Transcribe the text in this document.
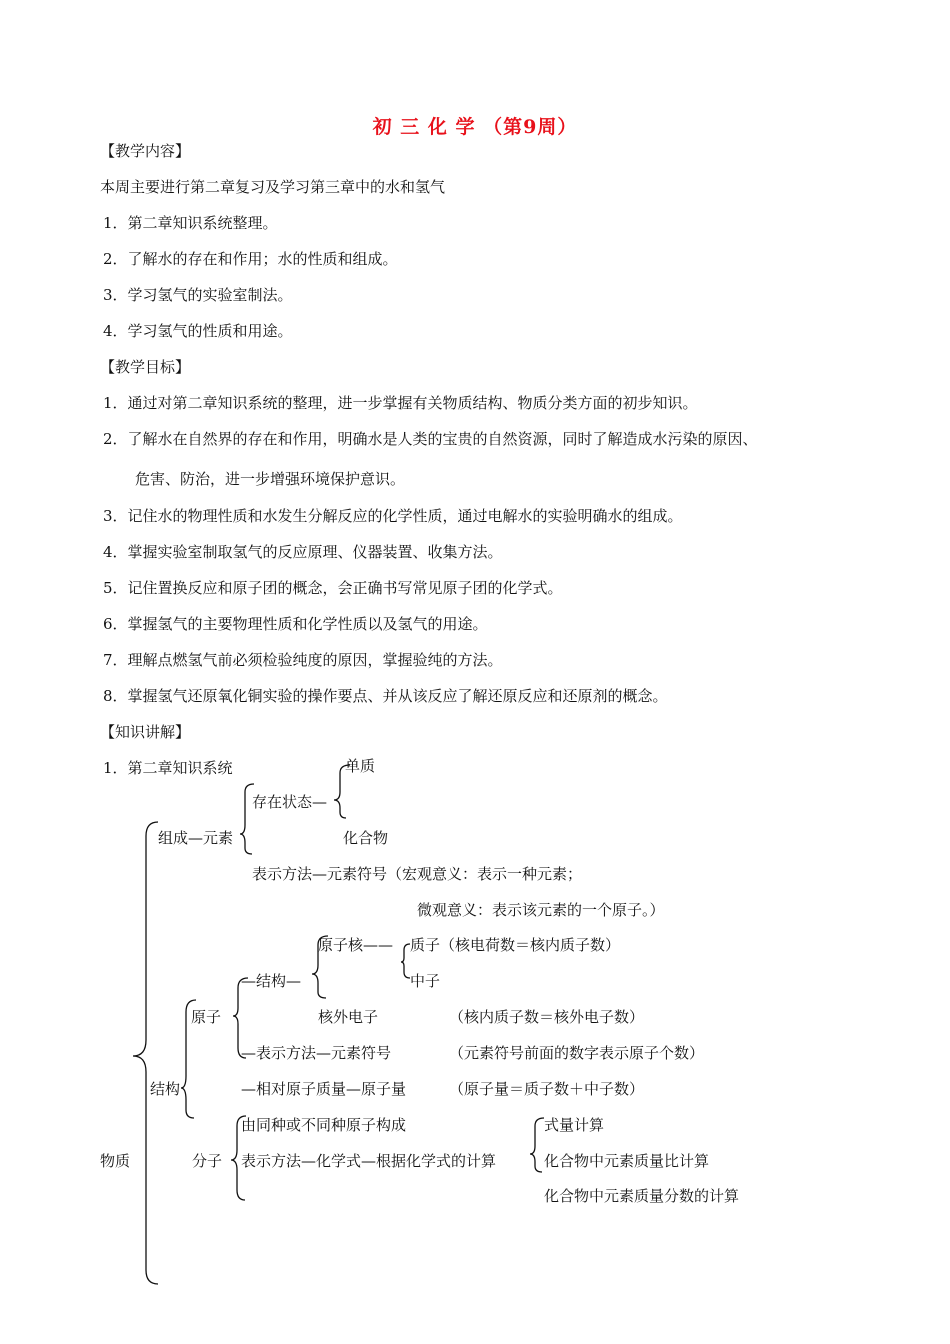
初 三 化 学 （第9周）
【教学内容】
本周主要进行第二章复习及学习第三章中的水和氢气
1．第二章知识系统整理。
2．了解水的存在和作用；水的性质和组成。
3．学习氢气的实验室制法。
4．学习氢气的性质和用途。
【教学目标】
1．通过对第二章知识系统的整理，进一步掌握有关物质结构、物质分类方面的初步知识。
2．了解水在自然界的存在和作用，明确水是人类的宝贵的自然资源，同时了解造成水污染的原因、
危害、防治，进一步增强环境保护意识。
3．记住水的物理性质和水发生分解反应的化学性质，通过电解水的实验明确水的组成。
4．掌握实验室制取氢气的反应原理、仪器装置、收集方法。
5．记住置换反应和原子团的概念，会正确书写常见原子团的化学式。
6．掌握氢气的主要物理性质和化学性质以及氢气的用途。
7．理解点燃氢气前必须检验纯度的原因，掌握验纯的方法。
8．掌握氢气还原氧化铜实验的操作要点、并从该反应了解还原反应和还原剂的概念。
【知识讲解】
1．第二章知识系统	单质
存在状态—
组成—元素	化合物
表示方法—元素符号（宏观意义：表示一种元素；
微观意义：表示该元素的一个原子。）
原子核—— 质子（核电荷数＝核内质子数）
—结构—	中子
原子	核外电子	（核内质子数＝核外电子数）
—表示方法—元素符号	（元素符号前面的数字表示原子个数）
结构	—相对原子质量—原子量	（原子量＝质子数＋中子数）
由同种或不同种原子构成	式量计算
物质	分子 表示方法—化学式—根据化学式的计算	化合物中元素质量比计算
化合物中元素质量分数的计算
